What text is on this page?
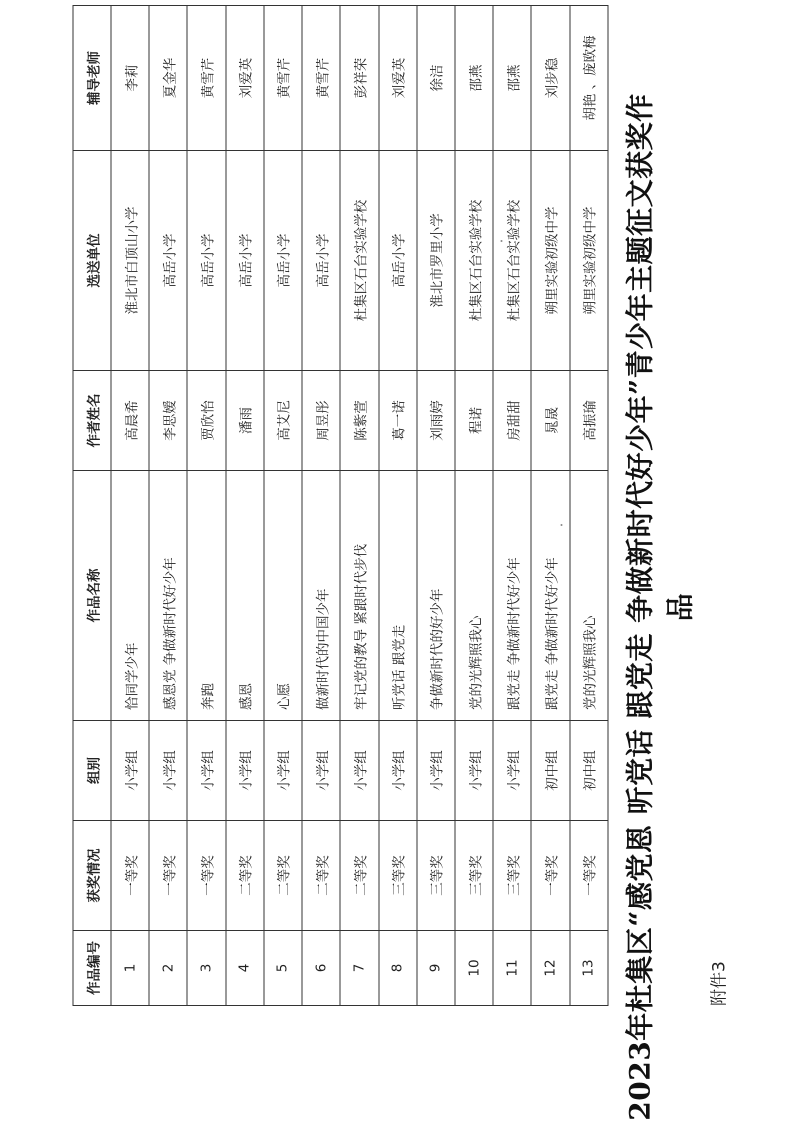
附件3
2023年杜集区“感党恩 听党话 跟党走 争做新时代好少年”青少年主题征文获奖作品
作品编号	获奖情况	组别	作品名称	作者姓名	选送单位	辅导老师
1	一等奖	小学组	恰同学少年	高晨希	淮北市白顶山小学	李莉
2	一等奖	小学组	感恩党 争做新时代好少年	李思嫒	高岳小学	夏金华
3	一等奖	小学组	奔跑	贾欣怡	高岳小学	黄雪芹
4	二等奖	小学组	感恩	潘雨	高岳小学	刘爱英
5	二等奖	小学组	心愿	高艾尼	高岳小学	黄雪芹
6	二等奖	小学组	做新时代的中国少年	周昱彤	高岳小学	黄雪芹
7	二等奖	小学组	牢记党的教导 紧跟时代步伐	陈紫萱	杜集区石台实验学校	彭祥荣
8	三等奖	小学组	听党话 跟党走	葛一诺	高岳小学	刘爱英
9	三等奖	小学组	争做新时代的好少年	刘雨婷	淮北市罗里小学	徐洁
10	三等奖	小学组	党的光辉照我心	程诺	杜集区石台实验学校	邵燕
11	三等奖	小学组	跟党走 争做新时代好少年	房甜甜	杜集区石台实验学校	邵燕
12	一等奖	初中组	跟党走 争做新时代好少年	晁晟	朔里实验初级中学	刘步稳
13	一等奖	初中组	党的光辉照我心	高振瑜	朔里实验初级中学	胡艳 、庞欧梅
